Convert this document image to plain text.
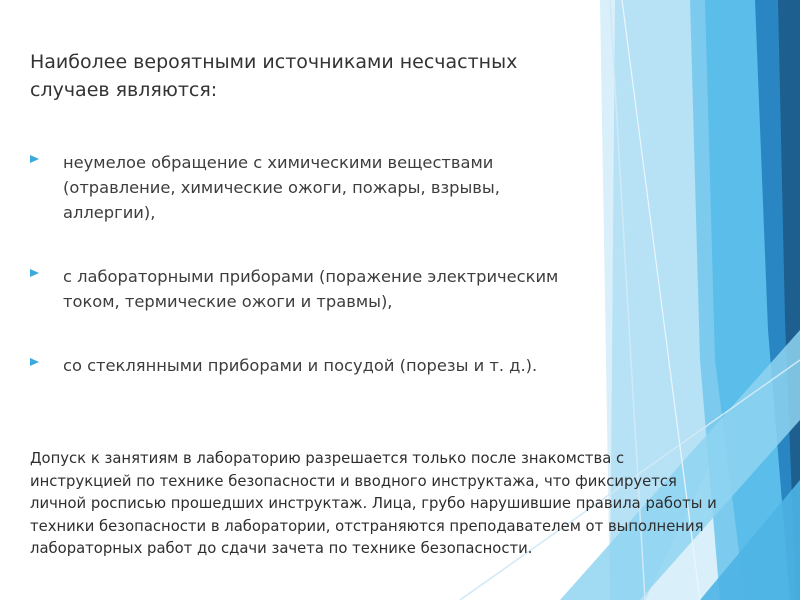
Наиболее вероятными источниками несчастных случаев являются:
неумелое обращение с химическими веществами (отравление, химические ожоги, пожары, взрывы, аллергии),
с лабораторными приборами (поражение электрическим током, термические ожоги и травмы),
со стеклянными приборами и посудой (порезы и т. д.).
Допуск к занятиям в лабораторию разрешается только после знакомства с инструкцией по технике безопасности и вводного инструктажа, что фиксируется личной росписью прошедших инструктаж. Лица, грубо нарушившие правила работы и техники безопасности в лаборатории, отстраняются преподавателем от выполнения лабораторных работ до сдачи зачета по технике безопасности.
